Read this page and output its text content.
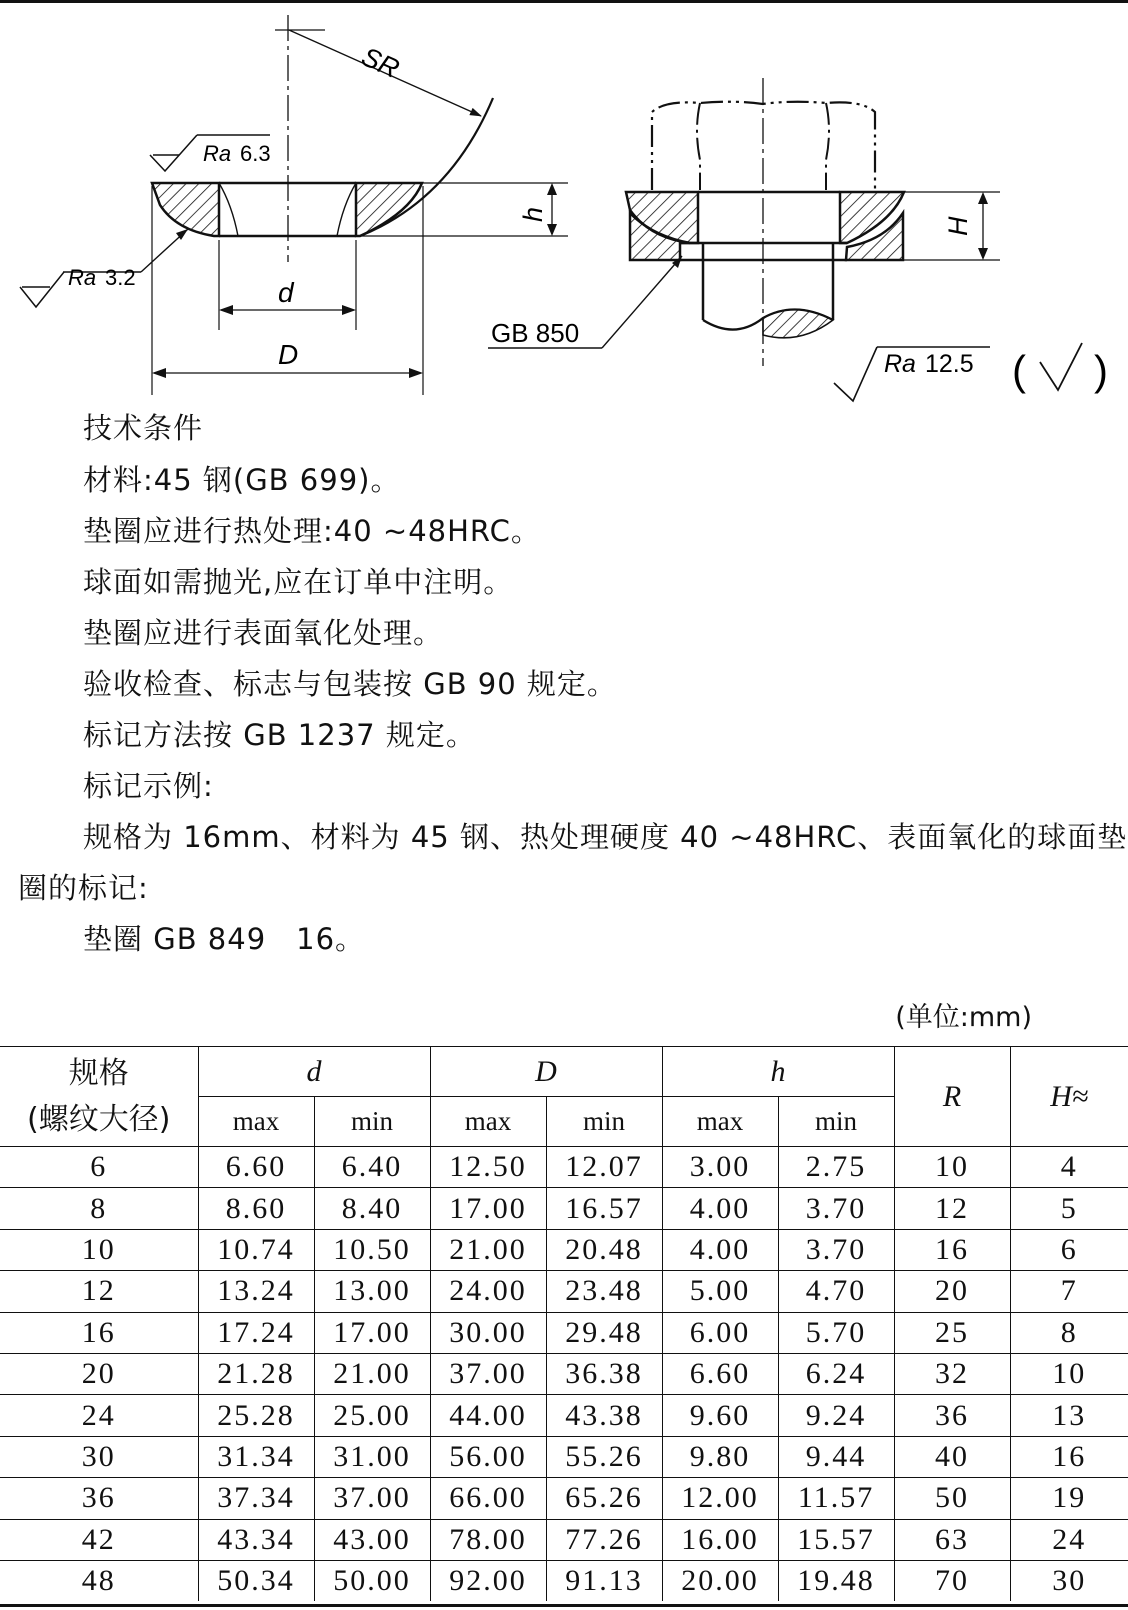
SR
Ra 6.3
Ra 3.2
h
d
D
H
GB 850
Ra 12.5 ( )
技术条件
材料:45 钢(GB 699)。
垫圈应进行热处理:40 ~48HRC。
球面如需抛光,应在订单中注明。
垫圈应进行表面氧化处理。
验收检查、标志与包装按 GB 90 规定。
标记方法按 GB 1237 规定。
标记示例:
规格为 16mm、材料为 45 钢、热处理硬度 40 ~48HRC、表面氧化的球面垫
圈的标记:
垫圈 GB 849　16。
(单位:mm)
规格
(螺纹大径)	d		D		h		R	H≈
	max	min	max	min	max	min		
6	6.60	6.40	12.50	12.07	3.00	2.75	10	4
8	8.60	8.40	17.00	16.57	4.00	3.70	12	5
10	10.74	10.50	21.00	20.48	4.00	3.70	16	6
12	13.24	13.00	24.00	23.48	5.00	4.70	20	7
16	17.24	17.00	30.00	29.48	6.00	5.70	25	8
20	21.28	21.00	37.00	36.38	6.60	6.24	32	10
24	25.28	25.00	44.00	43.38	9.60	9.24	36	13
30	31.34	31.00	56.00	55.26	9.80	9.44	40	16
36	37.34	37.00	66.00	65.26	12.00	11.57	50	19
42	43.34	43.00	78.00	77.26	16.00	15.57	63	24
48	50.34	50.00	92.00	91.13	20.00	19.48	70	30
